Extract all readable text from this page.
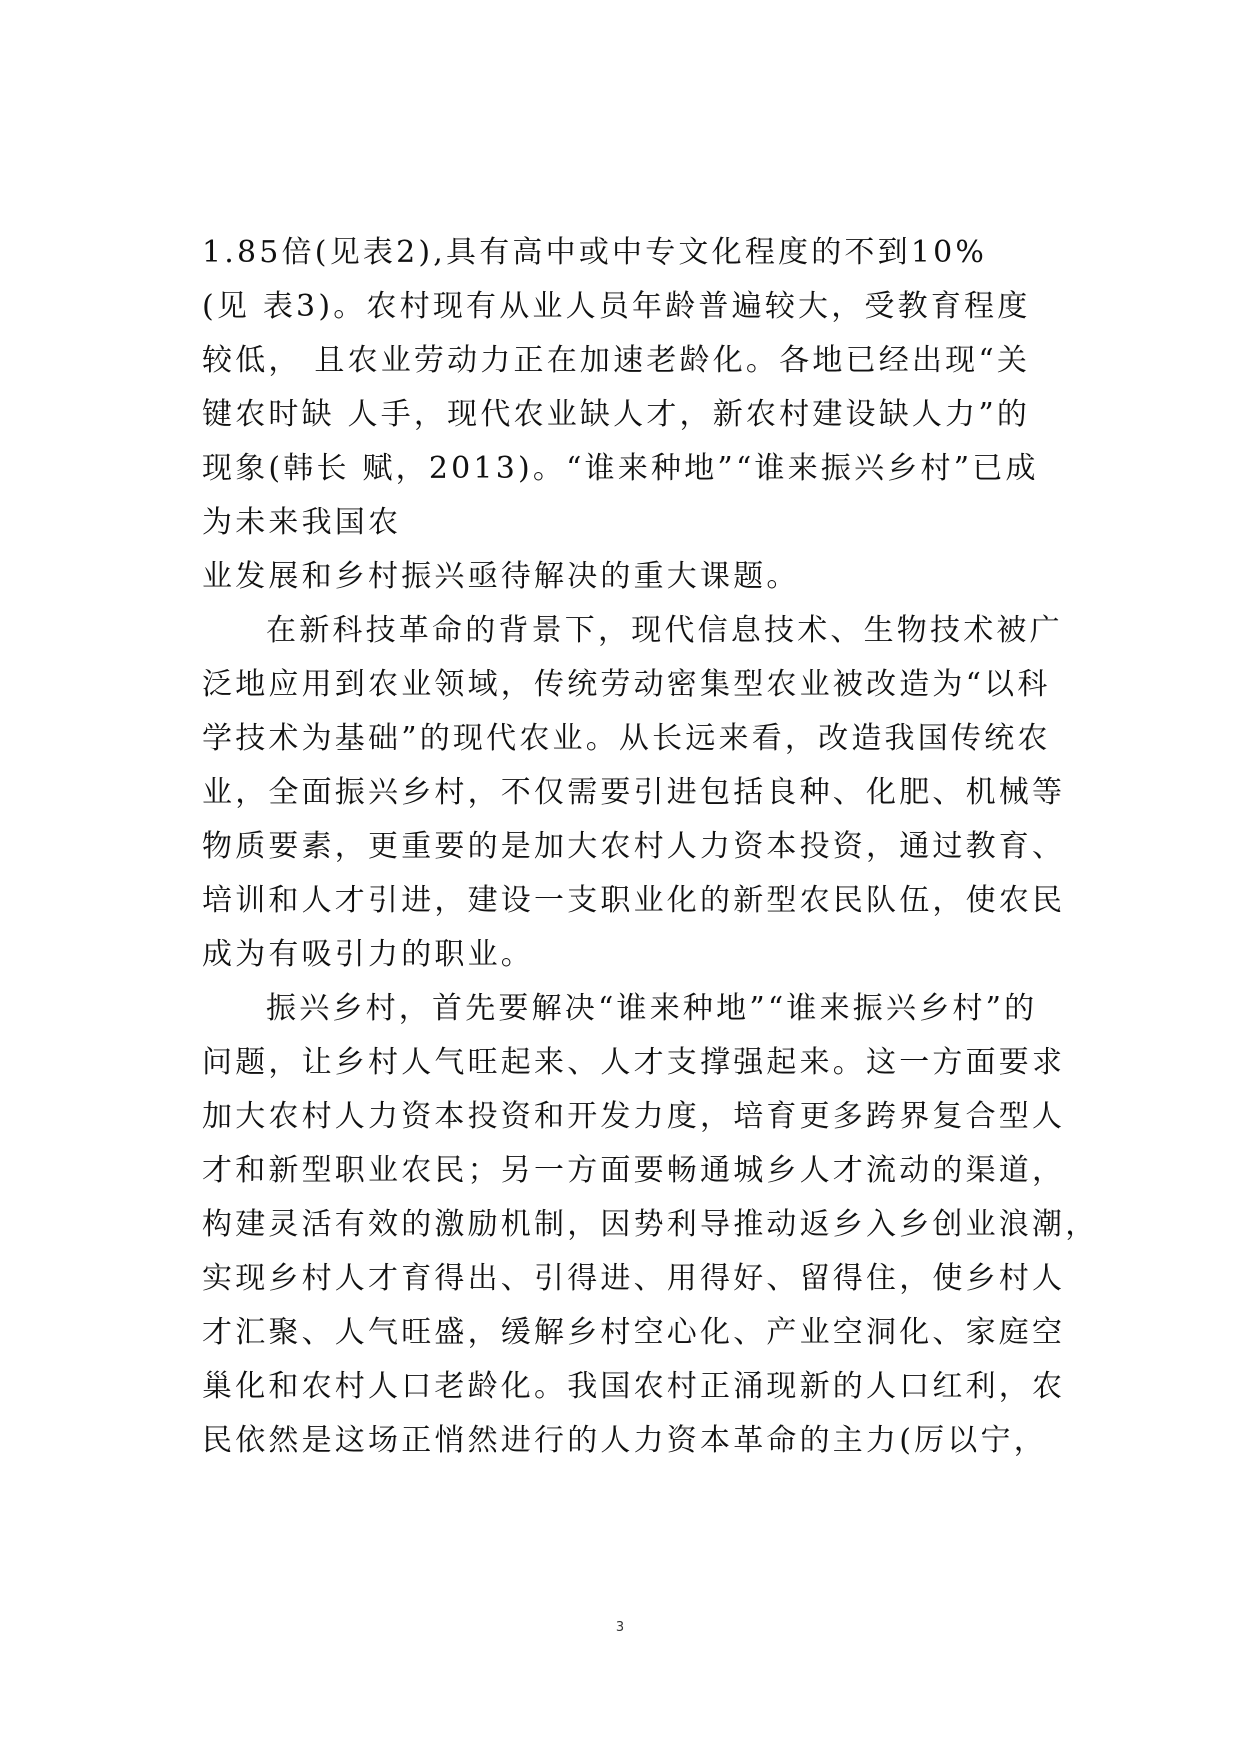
1.85倍(见表2),具有高中或中专文化程度的不到10%
(见 表3)。农村现有从业人员年龄普遍较大，受教育程度
较低， 且农业劳动力正在加速老龄化。各地已经出现“关
键农时缺 人手，现代农业缺人才，新农村建设缺人力”的
现象(韩长 赋，2013)。“谁来种地”“谁来振兴乡村”已成
为未来我国农
业发展和乡村振兴亟待解决的重大课题。
在新科技革命的背景下，现代信息技术、生物技术被广
泛地应用到农业领域，传统劳动密集型农业被改造为“以科
学技术为基础”的现代农业。从长远来看，改造我国传统农
业，全面振兴乡村，不仅需要引进包括良种、化肥、机械等
物质要素，更重要的是加大农村人力资本投资，通过教育、
培训和人才引进，建设一支职业化的新型农民队伍，使农民
成为有吸引力的职业。
振兴乡村，首先要解决“谁来种地”“谁来振兴乡村”的
问题，让乡村人气旺起来、人才支撑强起来。这一方面要求
加大农村人力资本投资和开发力度，培育更多跨界复合型人
才和新型职业农民；另一方面要畅通城乡人才流动的渠道，
构建灵活有效的激励机制，因势利导推动返乡入乡创业浪潮，
实现乡村人才育得出、引得进、用得好、留得住，使乡村人
才汇聚、人气旺盛，缓解乡村空心化、产业空洞化、家庭空
巢化和农村人口老龄化。我国农村正涌现新的人口红利，农
民依然是这场正悄然进行的人力资本革命的主力(厉以宁，
3
